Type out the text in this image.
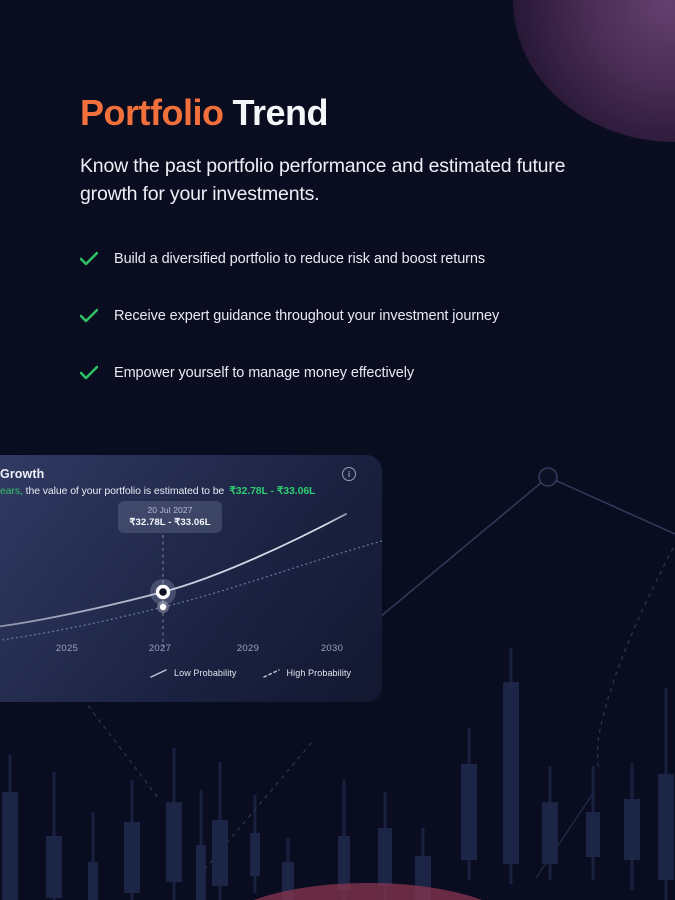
Portfolio Trend

Know the past portfolio performance and estimated future growth for your investments.

Build a diversified portfolio to reduce risk and boost returns
Receive expert guidance throughout your investment journey
Empower yourself to manage money effectively
Growth	i
ears, the value of your portfolio is estimated to be ₹32.78L - ₹33.06L
20 Jul 2027
₹32.78L - ₹33.06L
2025	2027	2029	2030
Low Probability	High Probability
